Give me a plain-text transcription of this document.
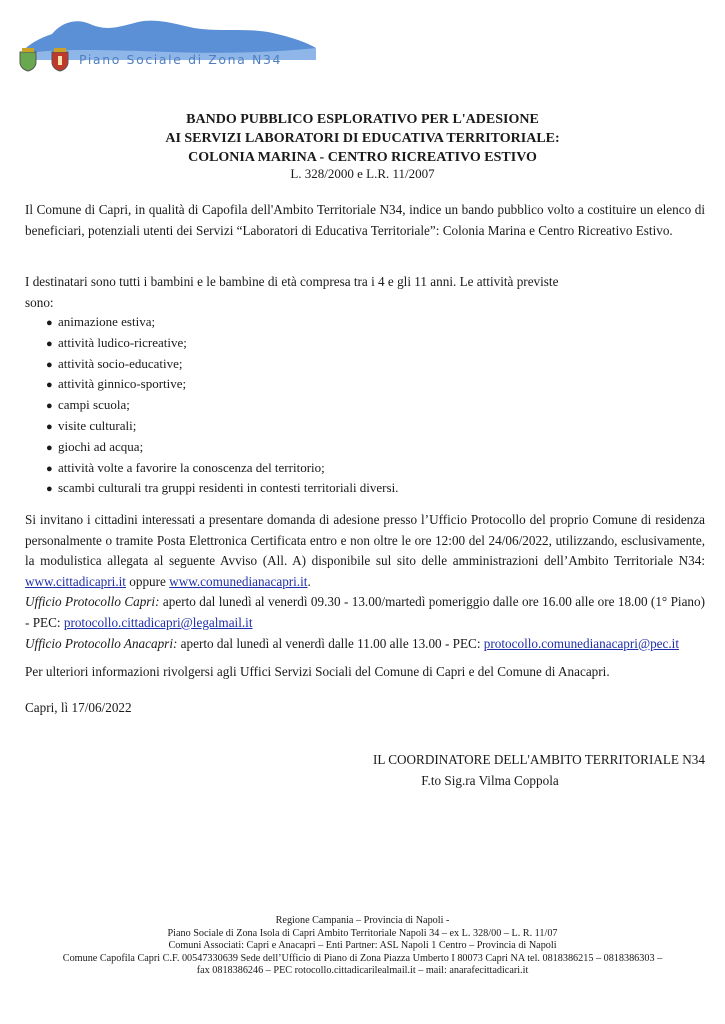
Piano Sociale di Zona N34
BANDO PUBBLICO ESPLORATIVO PER L'ADESIONE
AI SERVIZI LABORATORI DI EDUCATIVA TERRITORIALE:
COLONIA MARINA - CENTRO RICREATIVO ESTIVO
L. 328/2000 e L.R. 11/2007
Il Comune di Capri, in qualità di Capofila dell'Ambito Territoriale N34, indice un bando pubblico volto a costituire un elenco di beneficiari, potenziali utenti dei Servizi “Laboratori di Educativa Territoriale”: Colonia Marina e Centro Ricreativo Estivo.
I destinatari sono tutti i bambini e le bambine di età compresa tra i 4 e gli 11 anni. Le attività previste sono:
● animazione estiva;
● attività ludico-ricreative;
● attività socio-educative;
● attività ginnico-sportive;
● campi scuola;
● visite culturali;
● giochi ad acqua;
● attività volte a favorire la conoscenza del territorio;
● scambi culturali tra gruppi residenti in contesti territoriali diversi.
Si invitano i cittadini interessati a presentare domanda di adesione presso l’Ufficio Protocollo del proprio Comune di residenza personalmente o tramite Posta Elettronica Certificata entro e non oltre le ore 12:00 del 24/06/2022, utilizzando, esclusivamente, la modulistica allegata al seguente Avviso (All. A) disponibile sul sito delle amministrazioni dell’Ambito Territoriale N34: www.cittadicapri.it oppure www.comunedianacapri.it.
Ufficio Protocollo Capri: aperto dal lunedì al venerdì 09.30 - 13.00/martedì pomeriggio dalle ore 16.00 alle ore 18.00 (1° Piano) - PEC: protocollo.cittadicapri@legalmail.it
Ufficio Protocollo Anacapri: aperto dal lunedì al venerdì dalle 11.00 alle 13.00 - PEC: protocollo.comunedianacapri@pec.it
Per ulteriori informazioni rivolgersi agli Uffici Servizi Sociali del Comune di Capri e del Comune di Anacapri.
Capri, lì 17/06/2022
IL COORDINATORE DELL'AMBITO TERRITORIALE N34
F.to Sig.ra Vilma Coppola
Regione Campania – Provincia di Napoli -
Piano Sociale di Zona Isola di Capri Ambito Territoriale Napoli 34 – ex L. 328/00 – L. R. 11/07
Comuni Associati: Capri e Anacapri – Enti Partner: ASL Napoli 1 Centro – Provincia di Napoli
Comune Capofila Capri C.F. 00547330639 Sede dell’Ufficio di Piano di Zona Piazza Umberto I 80073 Capri NA tel. 0818386215 – 0818386303 –
fax 0818386246 – PEC rotocollo.cittadicarilealmail.it – mail: anarafecittadicari.it
